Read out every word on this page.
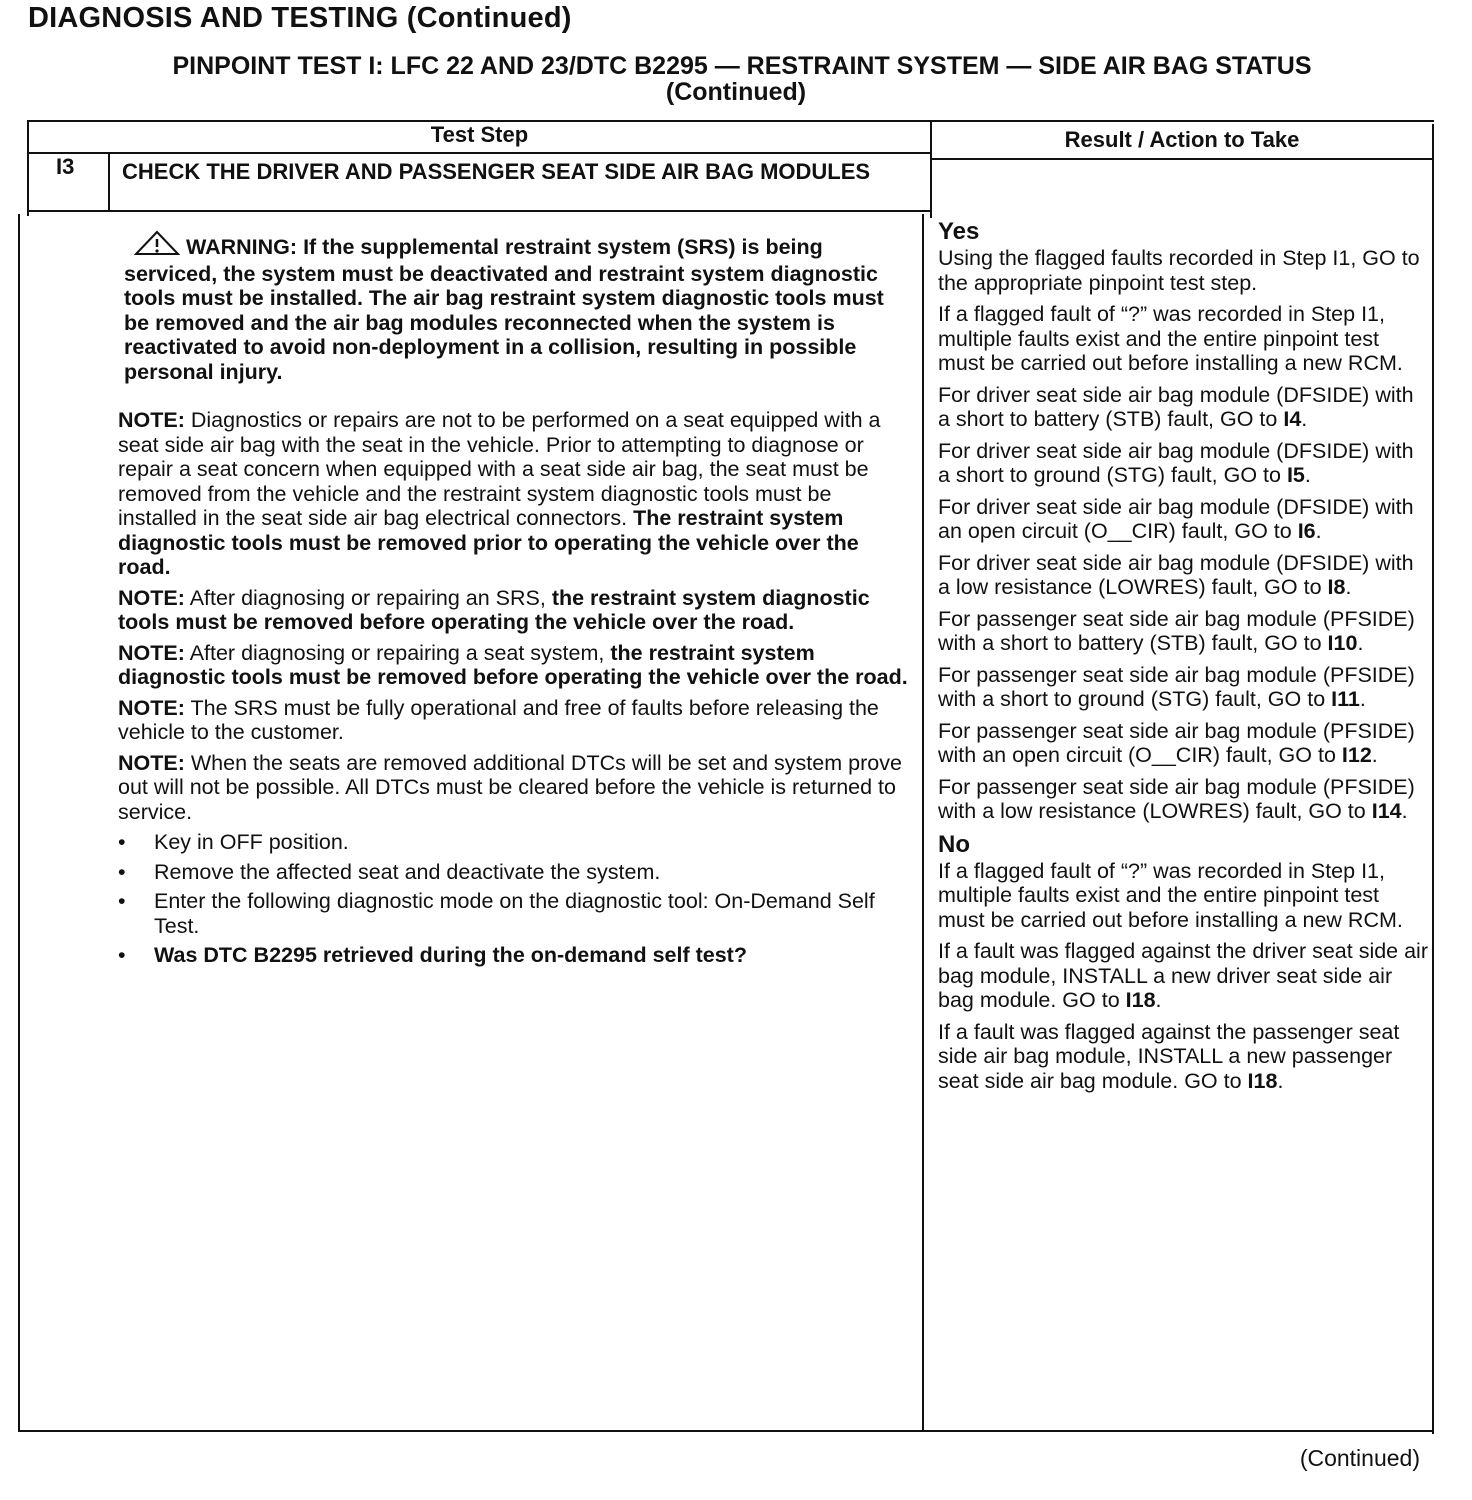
DIAGNOSIS AND TESTING (Continued)
PINPOINT TEST I: LFC 22 AND 23/DTC B2295 — RESTRAINT SYSTEM — SIDE AIR BAG STATUS
(Continued)
Test Step	Result / Action to Take
I3 CHECK THE DRIVER AND PASSENGER SEAT SIDE AIR BAG MODULES

WARNING: If the supplemental restraint system (SRS) is being serviced, the system must be deactivated and restraint system diagnostic tools must be installed. The air bag restraint system diagnostic tools must be removed and the air bag modules reconnected when the system is reactivated to avoid non-deployment in a collision, resulting in possible personal injury.

NOTE: Diagnostics or repairs are not to be performed on a seat equipped with a seat side air bag with the seat in the vehicle. Prior to attempting to diagnose or repair a seat concern when equipped with a seat side air bag, the seat must be removed from the vehicle and the restraint system diagnostic tools must be installed in the seat side air bag electrical connectors. The restraint system diagnostic tools must be removed prior to operating the vehicle over the road.

NOTE: After diagnosing or repairing an SRS, the restraint system diagnostic tools must be removed before operating the vehicle over the road.

NOTE: After diagnosing or repairing a seat system, the restraint system diagnostic tools must be removed before operating the vehicle over the road.

NOTE: The SRS must be fully operational and free of faults before releasing the vehicle to the customer.

NOTE: When the seats are removed additional DTCs will be set and system prove out will not be possible. All DTCs must be cleared before the vehicle is returned to service.

• Key in OFF position.
• Remove the affected seat and deactivate the system.
• Enter the following diagnostic mode on the diagnostic tool: On-Demand Self Test.
• Was DTC B2295 retrieved during the on-demand self test?

Yes

Using the flagged faults recorded in Step I1, GO to the appropriate pinpoint test step.

If a flagged fault of “?” was recorded in Step I1, multiple faults exist and the entire pinpoint test must be carried out before installing a new RCM.

For driver seat side air bag module (DFSIDE) with a short to battery (STB) fault, GO to I4.

For driver seat side air bag module (DFSIDE) with a short to ground (STG) fault, GO to I5.

For driver seat side air bag module (DFSIDE) with an open circuit (O__CIR) fault, GO to I6.

For driver seat side air bag module (DFSIDE) with a low resistance (LOWRES) fault, GO to I8.

For passenger seat side air bag module (PFSIDE) with a short to battery (STB) fault, GO to I10.

For passenger seat side air bag module (PFSIDE) with a short to ground (STG) fault, GO to I11.

For passenger seat side air bag module (PFSIDE) with an open circuit (O__CIR) fault, GO to I12.

For passenger seat side air bag module (PFSIDE) with a low resistance (LOWRES) fault, GO to I14.

No

If a flagged fault of “?” was recorded in Step I1, multiple faults exist and the entire pinpoint test must be carried out before installing a new RCM.

If a fault was flagged against the driver seat side air bag module, INSTALL a new driver seat side air bag module. GO to I18.

If a fault was flagged against the passenger seat side air bag module, INSTALL a new passenger seat side air bag module. GO to I18.

(Continued)
